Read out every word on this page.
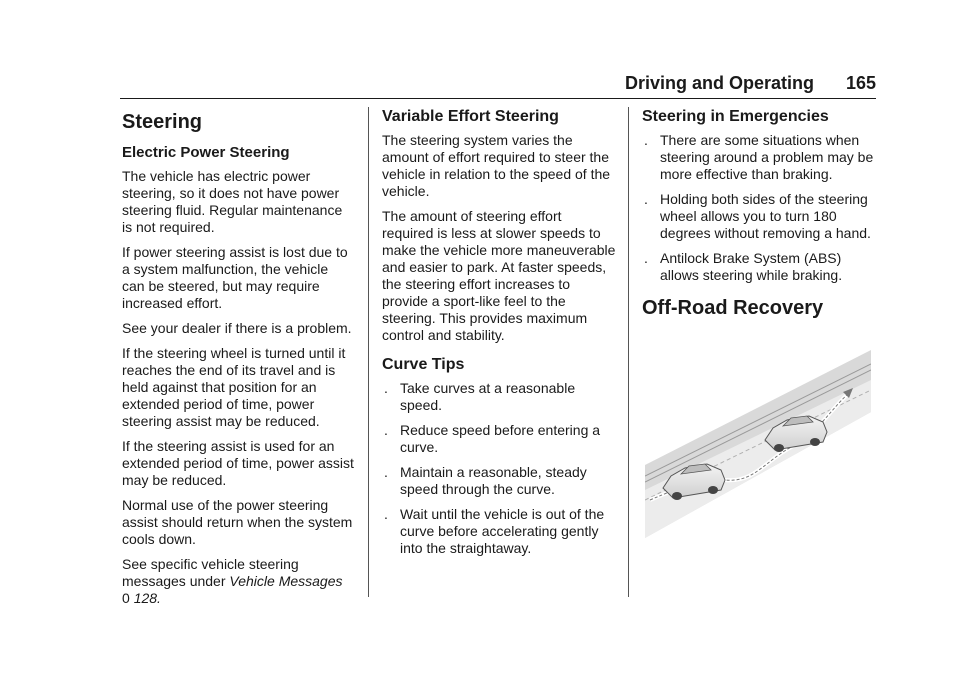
Driving and Operating 165
Steering
Electric Power Steering

The vehicle has electric power steering, so it does not have power steering fluid. Regular maintenance is not required.

If power steering assist is lost due to a system malfunction, the vehicle can be steered, but may require increased effort.

See your dealer if there is a problem.

If the steering wheel is turned until it reaches the end of its travel and is held against that position for an extended period of time, power steering assist may be reduced.

If the steering assist is used for an extended period of time, power assist may be reduced.

Normal use of the power steering assist should return when the system cools down.

See specific vehicle steering messages under Vehicle Messages
0 128.

Variable Effort Steering

The steering system varies the amount of effort required to steer the vehicle in relation to the speed of the vehicle.

The amount of steering effort required is less at slower speeds to make the vehicle more maneuverable and easier to park. At faster speeds, the steering effort increases to provide a sport-like feel to the steering. This provides maximum control and stability.

Curve Tips
. Take curves at a reasonable speed.
. Reduce speed before entering a curve.
. Maintain a reasonable, steady speed through the curve.
. Wait until the vehicle is out of the curve before accelerating gently into the straightaway.
Steering in Emergencies
. There are some situations when steering around a problem may be more effective than braking.
. Holding both sides of the steering wheel allows you to turn 180 degrees without removing a hand.
. Antilock Brake System (ABS) allows steering while braking.
Off-Road Recovery
